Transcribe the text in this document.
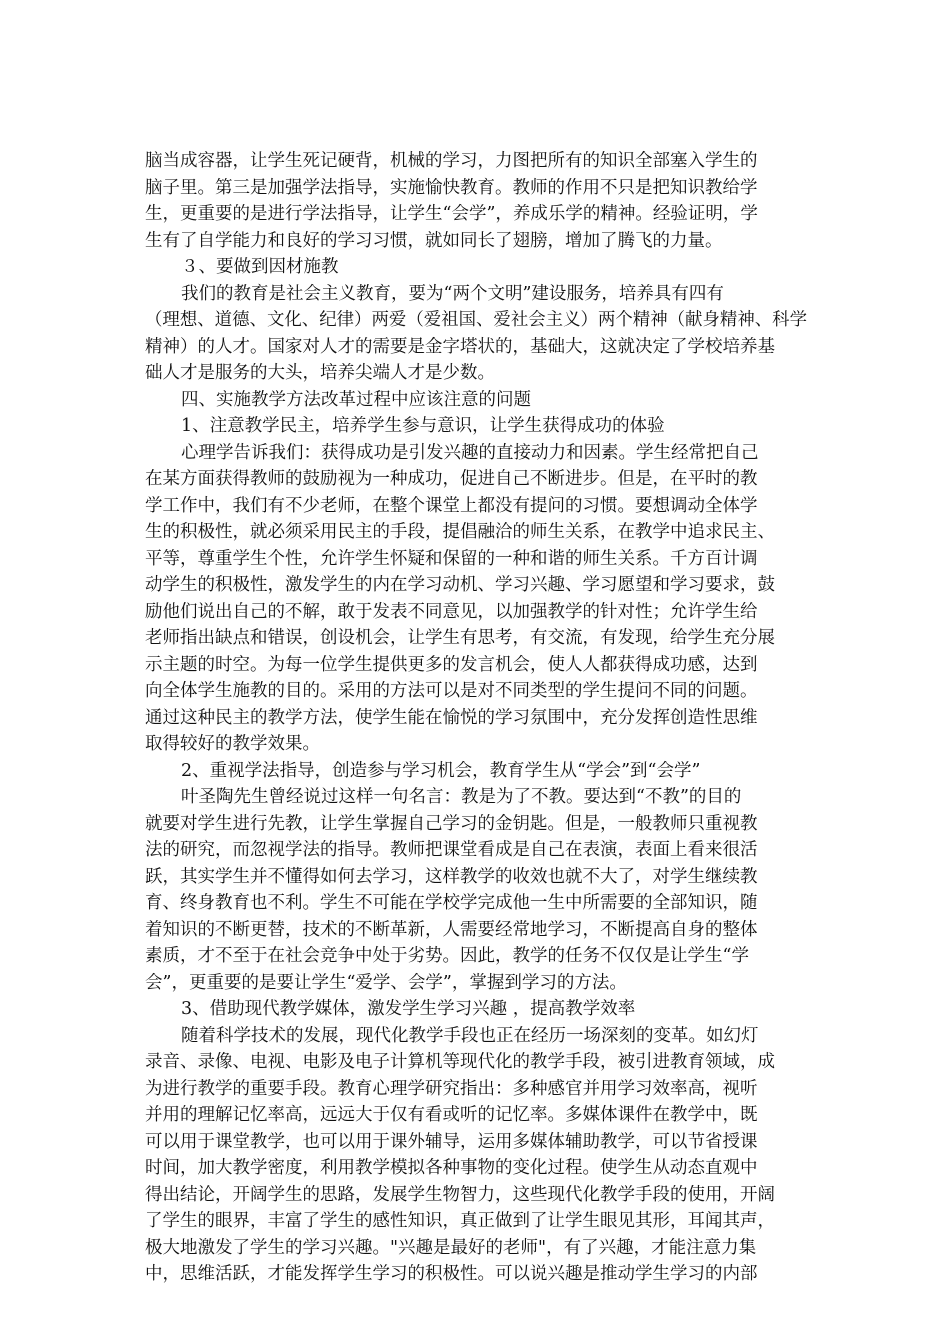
脑当成容器，让学生死记硬背，机械的学习，力图把所有的知识全部塞入学生的
脑子里。第三是加强学法指导，实施愉快教育。教师的作用不只是把知识教给学
生，更重要的是进行学法指导，让学生“会学”，养成乐学的精神。经验证明，学
生有了自学能力和良好的学习习惯，就如同长了翅膀，增加了腾飞的力量。
３、要做到因材施教
我们的教育是社会主义教育，要为“两个文明”建设服务，培养具有四有
（理想、道德、文化、纪律）两爱（爱祖国、爱社会主义）两个精神（献身精神、科学
精神）的人才。国家对人才的需要是金字塔状的，基础大，这就决定了学校培养基
础人才是服务的大头，培养尖端人才是少数。
四、实施教学方法改革过程中应该注意的问题
1、注意教学民主，培养学生参与意识，让学生获得成功的体验
心理学告诉我们：获得成功是引发兴趣的直接动力和因素。学生经常把自己
在某方面获得教师的鼓励视为一种成功，促进自己不断进步。但是，在平时的教
学工作中，我们有不少老师，在整个课堂上都没有提问的习惯。要想调动全体学
生的积极性，就必须采用民主的手段，提倡融洽的师生关系，在教学中追求民主、
平等，尊重学生个性，允许学生怀疑和保留的一种和谐的师生关系。千方百计调
动学生的积极性，激发学生的内在学习动机、学习兴趣、学习愿望和学习要求，鼓
励他们说出自己的不解，敢于发表不同意见，以加强教学的针对性；允许学生给
老师指出缺点和错误，创设机会，让学生有思考，有交流，有发现，给学生充分展
示主题的时空。为每一位学生提供更多的发言机会，使人人都获得成功感，达到
向全体学生施教的目的。采用的方法可以是对不同类型的学生提问不同的问题。
通过这种民主的教学方法，使学生能在愉悦的学习氛围中，充分发挥创造性思维
取得较好的教学效果。
2、重视学法指导，创造参与学习机会，教育学生从“学会”到“会学”
叶圣陶先生曾经说过这样一句名言：教是为了不教。要达到“不教”的目的
就要对学生进行先教，让学生掌握自己学习的金钥匙。但是，一般教师只重视教
法的研究，而忽视学法的指导。教师把课堂看成是自己在表演，表面上看来很活
跃，其实学生并不懂得如何去学习，这样教学的收效也就不大了，对学生继续教
育、终身教育也不利。学生不可能在学校学完成他一生中所需要的全部知识，随
着知识的不断更替，技术的不断革新，人需要经常地学习，不断提高自身的整体
素质，才不至于在社会竞争中处于劣势。因此，教学的任务不仅仅是让学生“学
会”，更重要的是要让学生“爱学、会学”，掌握到学习的方法。
3、借助现代教学媒体，激发学生学习兴趣 ，提高教学效率
随着科学技术的发展，现代化教学手段也正在经历一场深刻的变革。如幻灯
录音、录像、电视、电影及电子计算机等现代化的教学手段，被引进教育领域，成
为进行教学的重要手段。教育心理学研究指出：多种感官并用学习效率高，视听
并用的理解记忆率高，远远大于仅有看或听的记忆率。多媒体课件在教学中，既
可以用于课堂教学，也可以用于课外辅导，运用多媒体辅助教学，可以节省授课
时间，加大教学密度，利用教学模拟各种事物的变化过程。使学生从动态直观中
得出结论，开阔学生的思路，发展学生物智力，这些现代化教学手段的使用，开阔
了学生的眼界，丰富了学生的感性知识，真正做到了让学生眼见其形，耳闻其声，
极大地激发了学生的学习兴趣。"兴趣是最好的老师"，有了兴趣，才能注意力集
中，思维活跃，才能发挥学生学习的积极性。可以说兴趣是推动学生学习的内部
